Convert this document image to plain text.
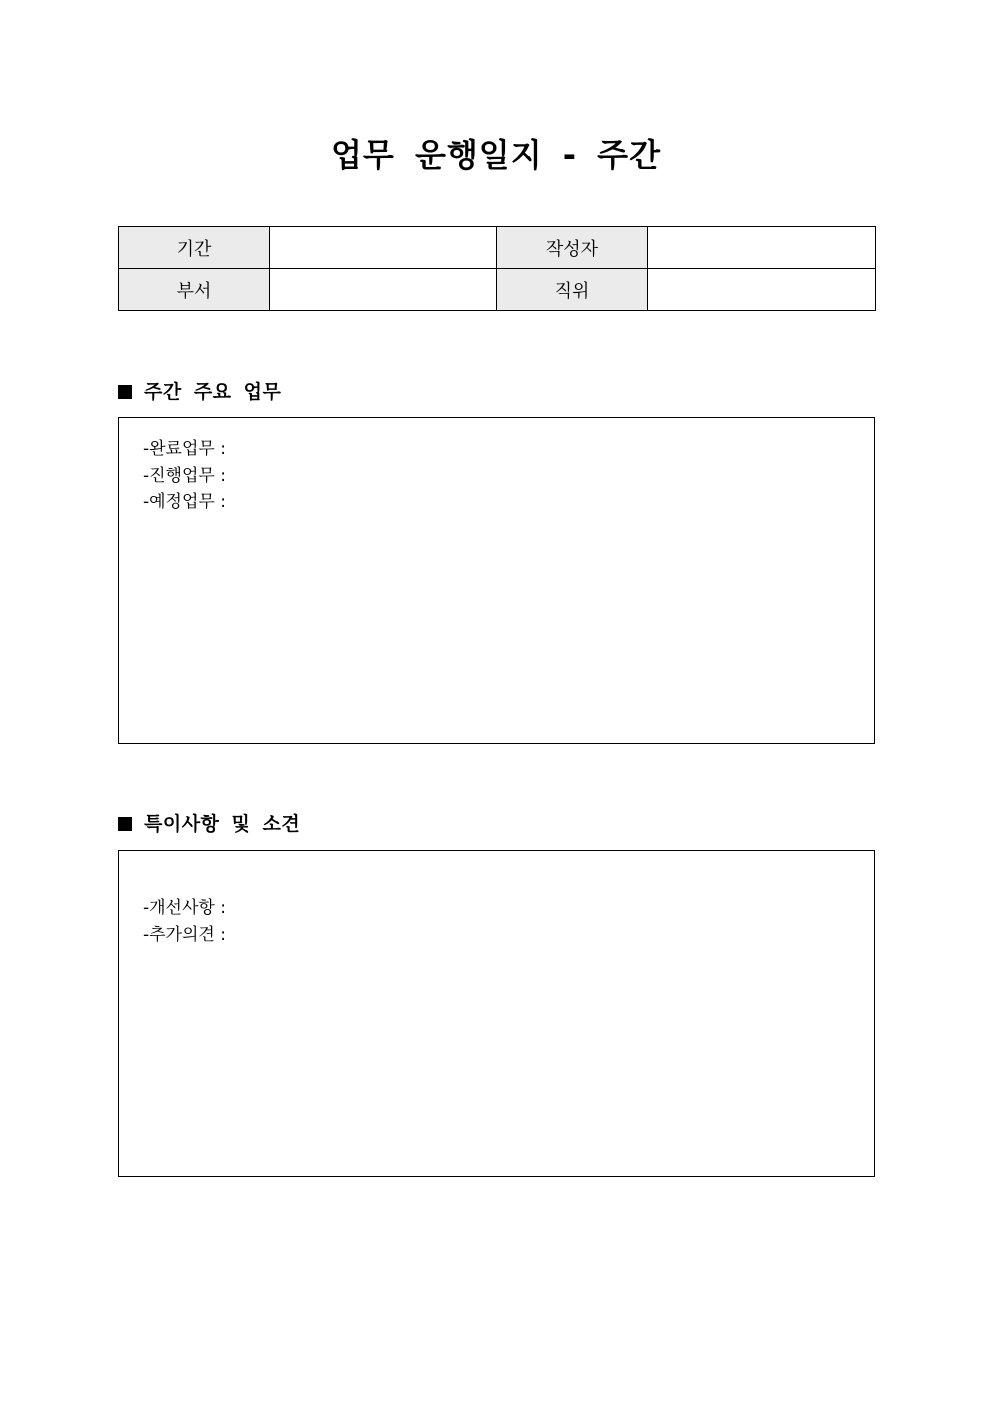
업무 운행일지 - 주간
기간		작성자	
부서		직위	
주간 주요 업무
-완료업무 :
-진행업무 :
-예정업무 :
특이사항 및 소견
-개선사항 :
-추가의견 :
